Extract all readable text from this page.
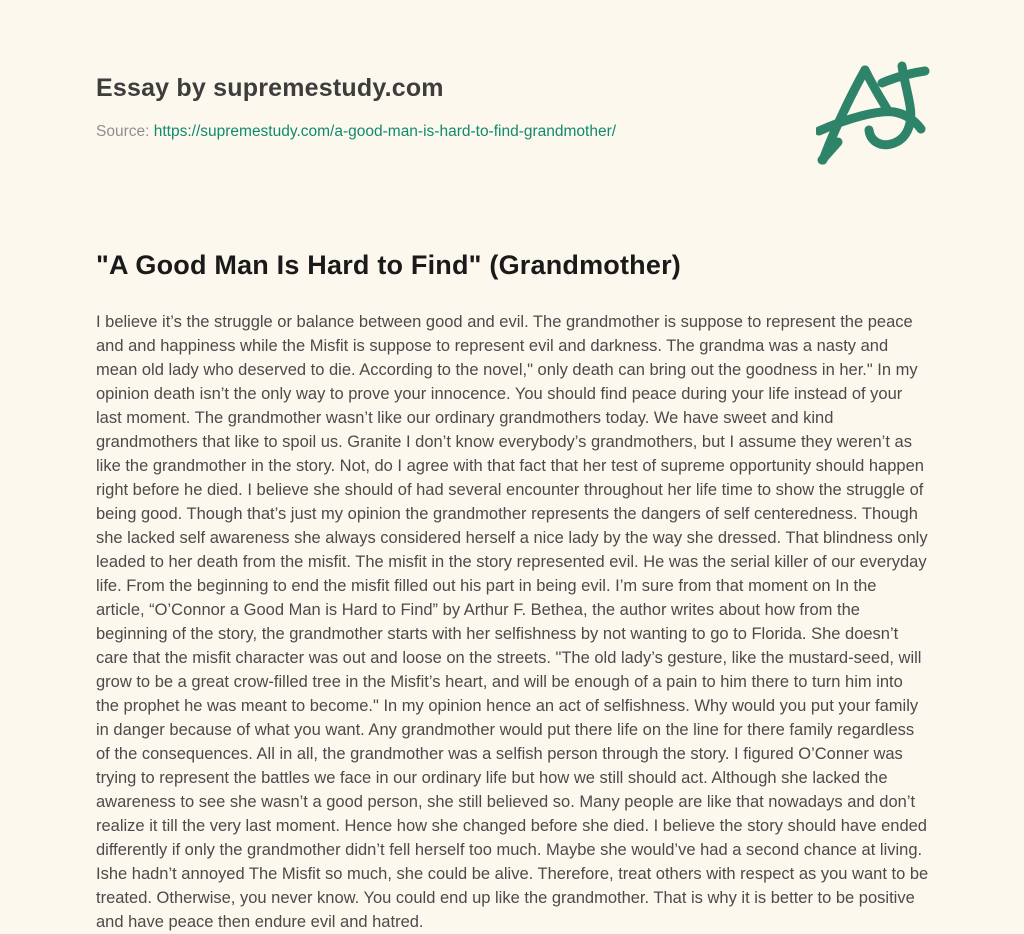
Essay by supremestudy.com
Source: https://supremestudy.com/a-good-man-is-hard-to-find-grandmother/
"A Good Man Is Hard to Find" (Grandmother)

I believe it’s the struggle or balance between good and evil. The grandmother is suppose to represent the peace and and happiness while the Misfit is suppose to represent evil and darkness. The grandma was a nasty and mean old lady who deserved to die. According to the novel," only death can bring out the goodness in her." In my opinion death isn’t the only way to prove your innocence. You should find peace during your life instead of your last moment. The grandmother wasn’t like our ordinary grandmothers today. We have sweet and kind grandmothers that like to spoil us. Granite I don’t know everybody’s grandmothers, but I assume they weren’t as like the grandmother in the story. Not, do I agree with that fact that her test of supreme opportunity should happen right before he died. I believe she should of had several encounter throughout her life time to show the struggle of being good. Though that’s just my opinion the grandmother represents the dangers of self centeredness. Though she lacked self awareness she always considered herself a nice lady by the way she dressed. That blindness only leaded to her death from the misfit. The misfit in the story represented evil. He was the serial killer of our everyday life. From the beginning to end the misfit filled out his part in being evil. I’m sure from that moment on In the article, “O’Connor a Good Man is Hard to Find” by Arthur F. Bethea, the author writes about how from the beginning of the story, the grandmother starts with her selfishness by not wanting to go to Florida. She doesn’t care that the misfit character was out and loose on the streets. "The old lady’s gesture, like the mustard-seed, will grow to be a great crow-filled tree in the Misfit’s heart, and will be enough of a pain to him there to turn him into the prophet he was meant to become." In my opinion hence an act of selfishness. Why would you put your family in danger because of what you want. Any grandmother would put there life on the line for there family regardless of the consequences. All in all, the grandmother was a selfish person through the story. I figured O’Conner was trying to represent the battles we face in our ordinary life but how we still should act. Although she lacked the awareness to see she wasn’t a good person, she still believed so. Many people are like that nowadays and don’t realize it till the very last moment. Hence how she changed before she died. I believe the story should have ended differently if only the grandmother didn’t fell herself too much. Maybe she would’ve had a second chance at living. Ishe hadn’t annoyed The Misfit so much, she could be alive. Therefore, treat others with respect as you want to be treated. Otherwise, you never know. You could end up like the grandmother. That is why it is better to be positive and have peace then endure evil and hatred.
